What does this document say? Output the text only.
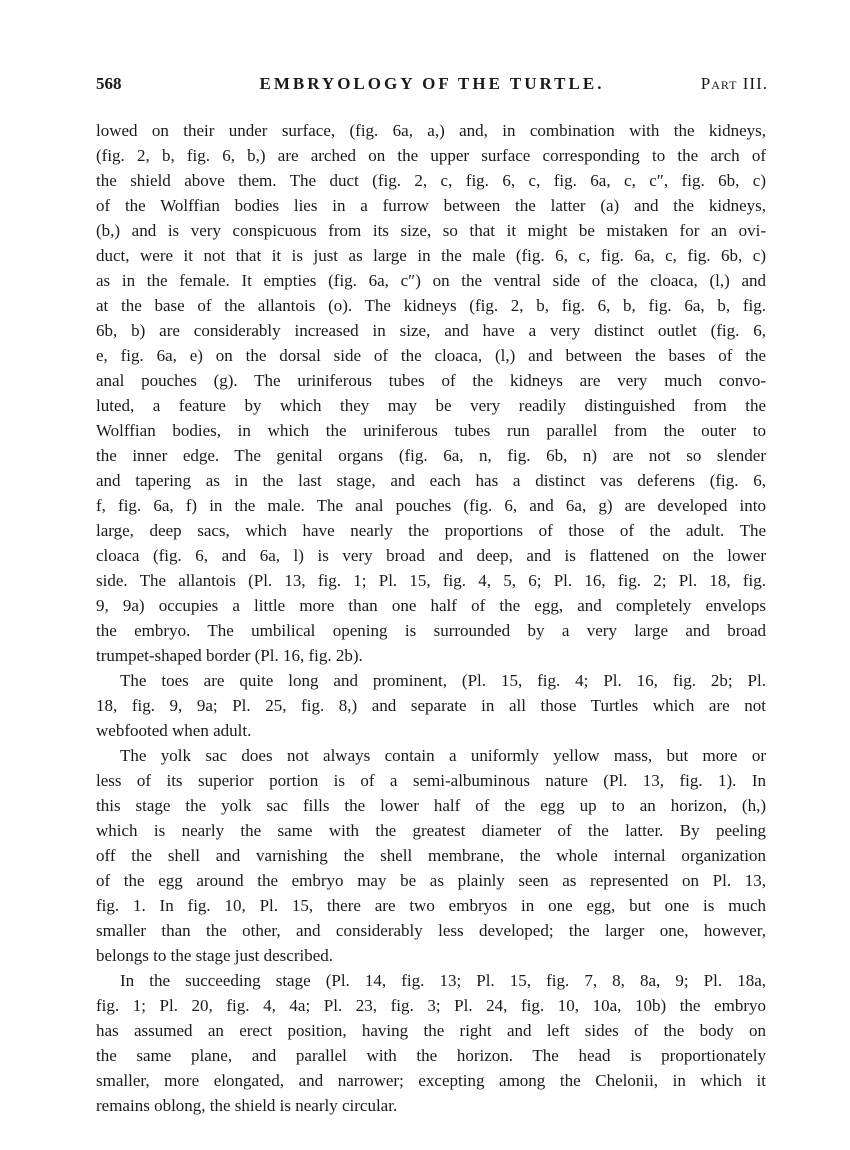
568	EMBRYOLOGY OF THE TURTLE.	Part III.
lowed on their under surface, (fig. 6a, a,) and, in combination with the kidneys,
(fig. 2, b, fig. 6, b,) are arched on the upper surface corresponding to the arch of
the shield above them. The duct (fig. 2, c, fig. 6, c, fig. 6a, c, c″, fig. 6b, c)
of the Wolffian bodies lies in a furrow between the latter (a) and the kidneys,
(b,) and is very conspicuous from its size, so that it might be mistaken for an ovi-
duct, were it not that it is just as large in the male (fig. 6, c, fig. 6a, c, fig. 6b, c)
as in the female. It empties (fig. 6a, c″) on the ventral side of the cloaca, (l,) and
at the base of the allantois (o). The kidneys (fig. 2, b, fig. 6, b, fig. 6a, b, fig.
6b, b) are considerably increased in size, and have a very distinct outlet (fig. 6,
e, fig. 6a, e) on the dorsal side of the cloaca, (l,) and between the bases of the
anal pouches (g). The uriniferous tubes of the kidneys are very much convo-
luted, a feature by which they may be very readily distinguished from the
Wolffian bodies, in which the uriniferous tubes run parallel from the outer to
the inner edge. The genital organs (fig. 6a, n, fig. 6b, n) are not so slender
and tapering as in the last stage, and each has a distinct vas deferens (fig. 6,
f, fig. 6a, f) in the male. The anal pouches (fig. 6, and 6a, g) are developed into
large, deep sacs, which have nearly the proportions of those of the adult. The
cloaca (fig. 6, and 6a, l) is very broad and deep, and is flattened on the lower
side. The allantois (Pl. 13, fig. 1; Pl. 15, fig. 4, 5, 6; Pl. 16, fig. 2; Pl. 18, fig.
9, 9a) occupies a little more than one half of the egg, and completely envelops
the embryo. The umbilical opening is surrounded by a very large and broad
trumpet-shaped border (Pl. 16, fig. 2b).
The toes are quite long and prominent, (Pl. 15, fig. 4; Pl. 16, fig. 2b; Pl.
18, fig. 9, 9a; Pl. 25, fig. 8,) and separate in all those Turtles which are not
webfooted when adult.
The yolk sac does not always contain a uniformly yellow mass, but more or
less of its superior portion is of a semi-albuminous nature (Pl. 13, fig. 1). In
this stage the yolk sac fills the lower half of the egg up to an horizon, (h,)
which is nearly the same with the greatest diameter of the latter. By peeling
off the shell and varnishing the shell membrane, the whole internal organization
of the egg around the embryo may be as plainly seen as represented on Pl. 13,
fig. 1. In fig. 10, Pl. 15, there are two embryos in one egg, but one is much
smaller than the other, and considerably less developed; the larger one, however,
belongs to the stage just described.
In the succeeding stage (Pl. 14, fig. 13; Pl. 15, fig. 7, 8, 8a, 9; Pl. 18a,
fig. 1; Pl. 20, fig. 4, 4a; Pl. 23, fig. 3; Pl. 24, fig. 10, 10a, 10b) the embryo
has assumed an erect position, having the right and left sides of the body on
the same plane, and parallel with the horizon. The head is proportionately
smaller, more elongated, and narrower; excepting among the Chelonii, in which it
remains oblong, the shield is nearly circular.
